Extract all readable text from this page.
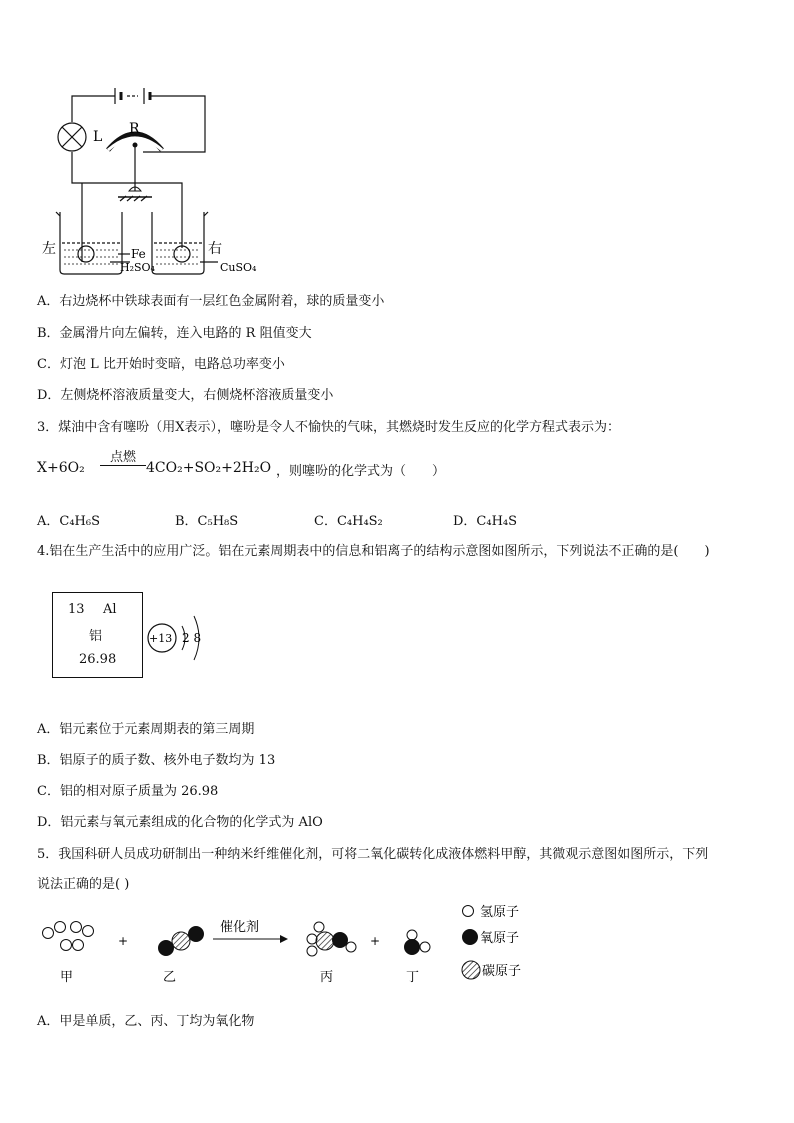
L R
左	右
Fe
H₂SO₄	CuSO₄
A．右边烧杯中铁球表面有一层红色金属附着，球的质量变小
B．金属滑片向左偏转，连入电路的 R 阻值变大
C．灯泡 L 比开始时变暗，电路总功率变小
D．左侧烧杯溶液质量变大，右侧烧杯溶液质量变小
3．煤油中含有噻吩（用X表示），噻吩是令人不愉快的气味，其燃烧时发生反应的化学方程式表示为：
X+6O₂
点燃
4CO₂+SO₂+2H₂O ，则噻吩的化学式为（　　）
A．C₄H₆S	B．C₅H₈S	C．C₄H₄S₂	D．C₄H₄S
4.铝在生产生活中的应用广泛。铝在元素周期表中的信息和铝离子的结构示意图如图所示，下列说法不正确的是(　　)
13 Al
铝
26.98
+13 2 8
A．铝元素位于元素周期表的第三周期
B．铝原子的质子数、核外电子数均为 13
C．铝的相对原子质量为 26.98
D．铝元素与氧元素组成的化合物的化学式为 AlO
5．我国科研人员成功研制出一种纳米纤维催化剂，可将二氧化碳转化成液体燃料甲醇，其微观示意图如图所示，下列
说法正确的是( )
催化剂
+	+
甲	乙	丙	丁
氢原子
氧原子
碳原子
A．甲是单质，乙、丙、丁均为氧化物
